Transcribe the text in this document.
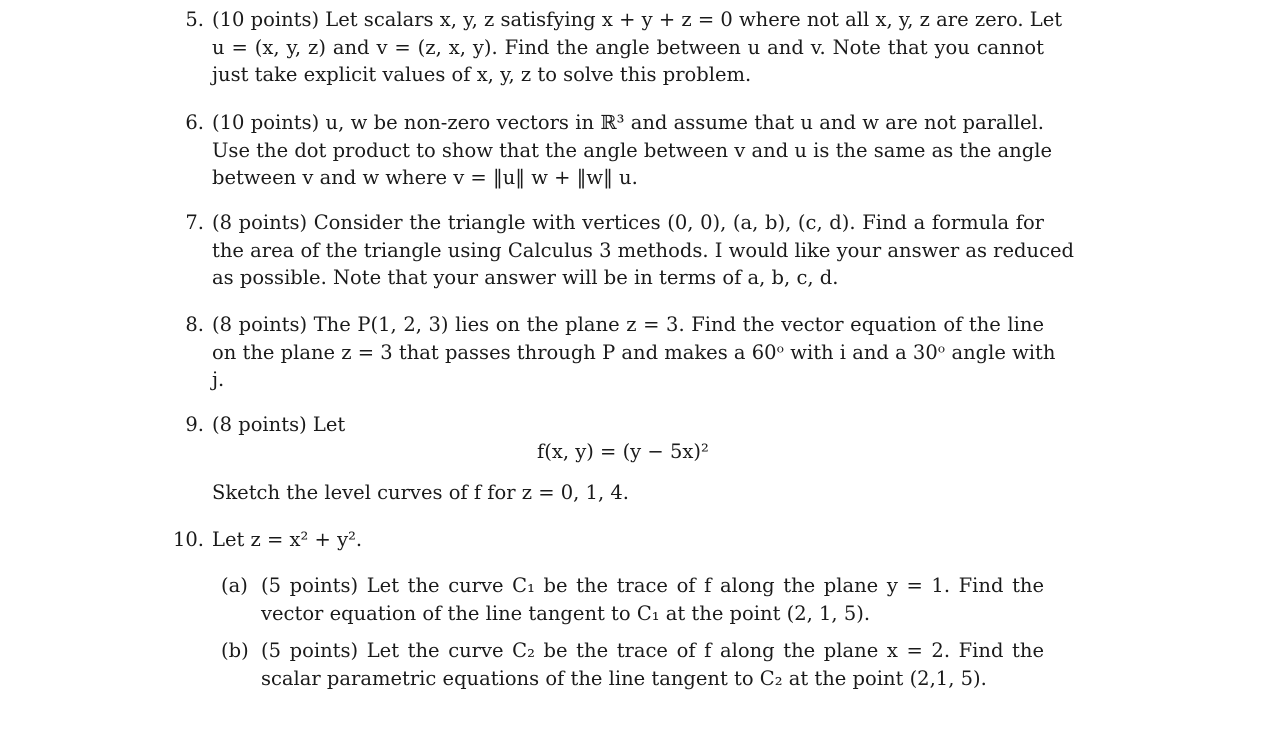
5. (10 points) Let scalars x, y, z satisfying x + y + z = 0 where not all x, y, z are zero. Let
u = (x, y, z) and v = (z, x, y). Find the angle between u and v. Note that you cannot
just take explicit values of x, y, z to solve this problem.
6. (10 points) u, w be non-zero vectors in ℝ³ and assume that u and w are not parallel.
Use the dot product to show that the angle between v and u is the same as the angle
between v and w where v = ‖u‖ w + ‖w‖ u.
7. (8 points) Consider the triangle with vertices (0, 0), (a, b), (c, d). Find a formula for
the area of the triangle using Calculus 3 methods. I would like your answer as reduced
as possible. Note that your answer will be in terms of a, b, c, d.
8. (8 points) The P(1, 2, 3) lies on the plane z = 3. Find the vector equation of the line
on the plane z = 3 that passes through P and makes a 60ᵒ with i and a 30ᵒ angle with
j.
9. (8 points) Let
f(x, y) = (y − 5x)²
Sketch the level curves of f for z = 0, 1, 4.
10. Let z = x² + y².
(a) (5 points) Let the curve C₁ be the trace of f along the plane y = 1. Find the
vector equation of the line tangent to C₁ at the point (2, 1, 5).
(b) (5 points) Let the curve C₂ be the trace of f along the plane x = 2. Find the
scalar parametric equations of the line tangent to C₂ at the point (2,1, 5).
